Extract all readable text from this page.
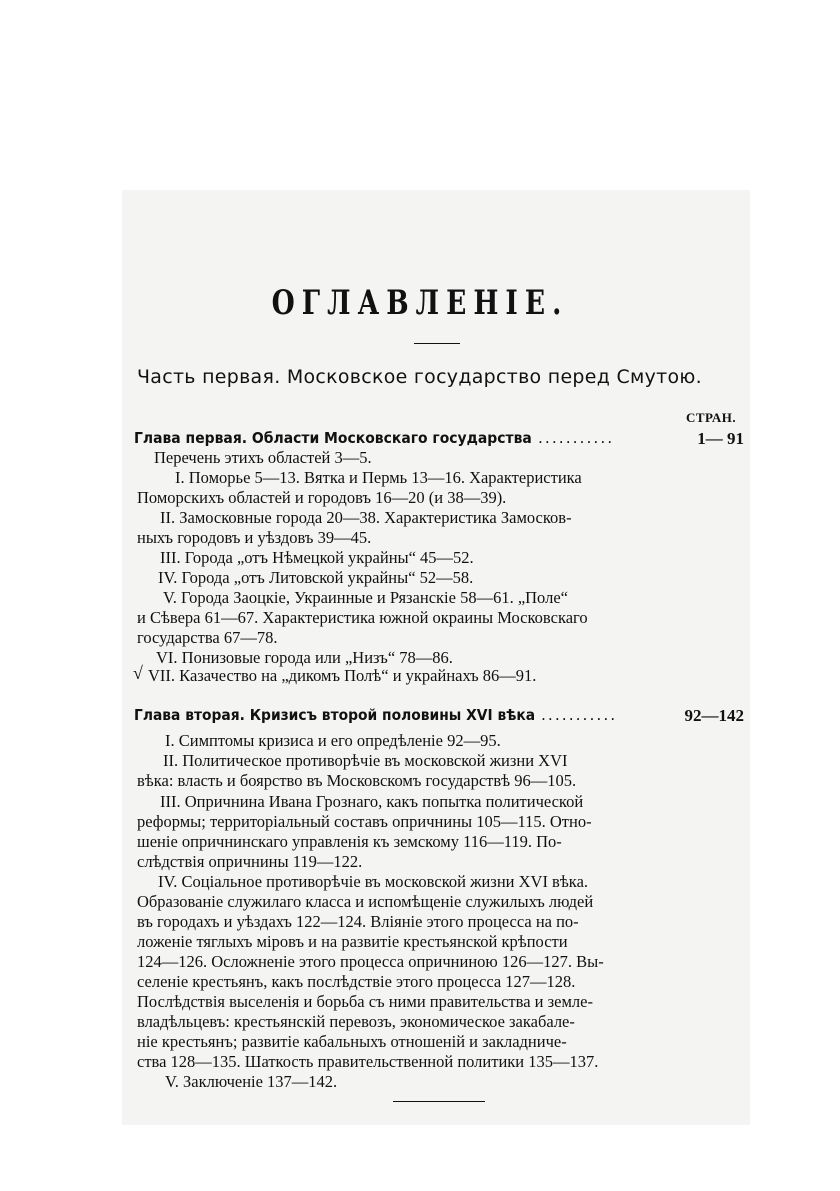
ОГЛАВЛЕНІЕ.
Часть первая. Московское государство перед Смутою.
СТРАН.
Глава первая. Области Московскаго государства ...........	1— 91
Перечень этихъ областей 3—5.
I. Поморье 5—13. Вятка и Пермь 13—16. Характеристика
Поморскихъ областей и городовъ 16—20 (и 38—39).
II. Замосковные города 20—38. Характеристика Замосков-
ныхъ городовъ и уѣздовъ 39—45.
III. Города „отъ Нѣмецкой украйны“ 45—52.
IV. Города „отъ Литовской украйны“ 52—58.
V. Города Заоцкіе, Украинные и Рязанскіе 58—61. „Поле“
и Сѣвера 61—67. Характеристика южной окраины Московскаго
государства 67—78.
VI. Понизовые города или „Низъ“ 78—86.
√ VII. Казачество на „дикомъ Полѣ“ и украйнахъ 86—91.
Глава вторая. Кризисъ второй половины XVI вѣка ...........	92—142
I. Симптомы кризиса и его опредѣленіе 92—95.
II. Политическое противорѣчіе въ московской жизни XVI
вѣка: власть и боярство въ Московскомъ государствѣ 96—105.
III. Опричнина Ивана Грознаго, какъ попытка политической
реформы; территоріальный составъ опричнины 105—115. Отно-
шеніе опричнинскаго управленія къ земскому 116—119. По-
слѣдствія опричнины 119—122.
IV. Соціальное противорѣчіе въ московской жизни XVI вѣка.
Образованіе служилаго класса и испомѣщеніе служилыхъ людей
въ городахъ и уѣздахъ 122—124. Вліяніе этого процесса на по-
ложеніе тяглыхъ міровъ и на развитіе крестьянской крѣпости
124—126. Осложненіе этого процесса опричниною 126—127. Вы-
селеніе крестьянъ, какъ послѣдствіе этого процесса 127—128.
Послѣдствія выселенія и борьба съ ними правительства и земле-
владѣльцевъ: крестьянскій перевозъ, экономическое закабале-
ніе крестьянъ; развитіе кабальныхъ отношеній и закладниче-
ства 128—135. Шаткость правительственной политики 135—137.
V. Заключеніе 137—142.
